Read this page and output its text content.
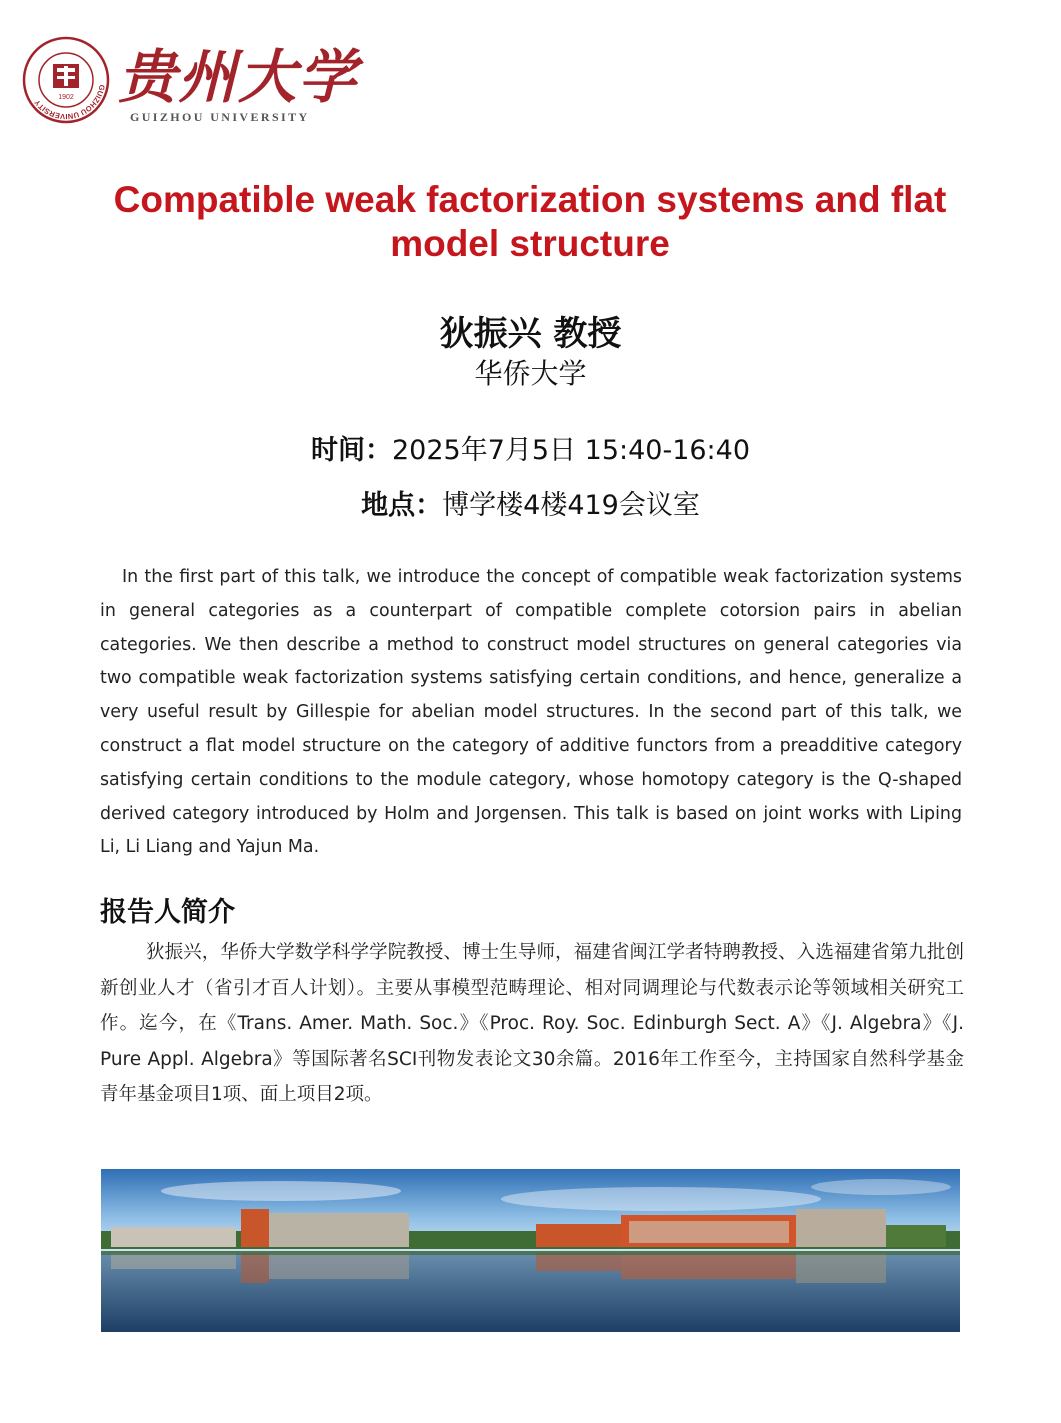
GUIZHOU UNIVERSITY
1902 贵州大学
GUIZHOU UNIVERSITY
Compatible weak factorization systems and flat model structure
狄振兴 教授
华侨大学
时间：2025年7月5日 15:40-16:40
地点：博学楼4楼419会议室

In the first part of this talk, we introduce the concept of compatible weak factorization systems in general categories as a counterpart of compatible complete cotorsion pairs in abelian categories. We then describe a method to construct model structures on general categories via two compatible weak factorization systems satisfying certain conditions, and hence, generalize a very useful result by Gillespie for abelian model structures. In the second part of this talk, we construct a flat model structure on the category of additive functors from a preadditive category satisfying certain conditions to the module category, whose homotopy category is the Q-shaped derived category introduced by Holm and Jorgensen. This talk is based on joint works with Liping Li, Li Liang and Yajun Ma.

报告人简介

狄振兴，华侨大学数学科学学院教授、博士生导师，福建省闽江学者特聘教授、入选福建省第九批创新创业人才（省引才百人计划）。主要从事模型范畴理论、相对同调理论与代数表示论等领域相关研究工作。迄今，在《Trans. Amer. Math. Soc.》《Proc. Roy. Soc. Edinburgh Sect. A》《J. Algebra》《J. Pure Appl. Algebra》等国际著名SCI刊物发表论文30余篇。2016年工作至今，主持国家自然科学基金青年基金项目1项、面上项目2项。
